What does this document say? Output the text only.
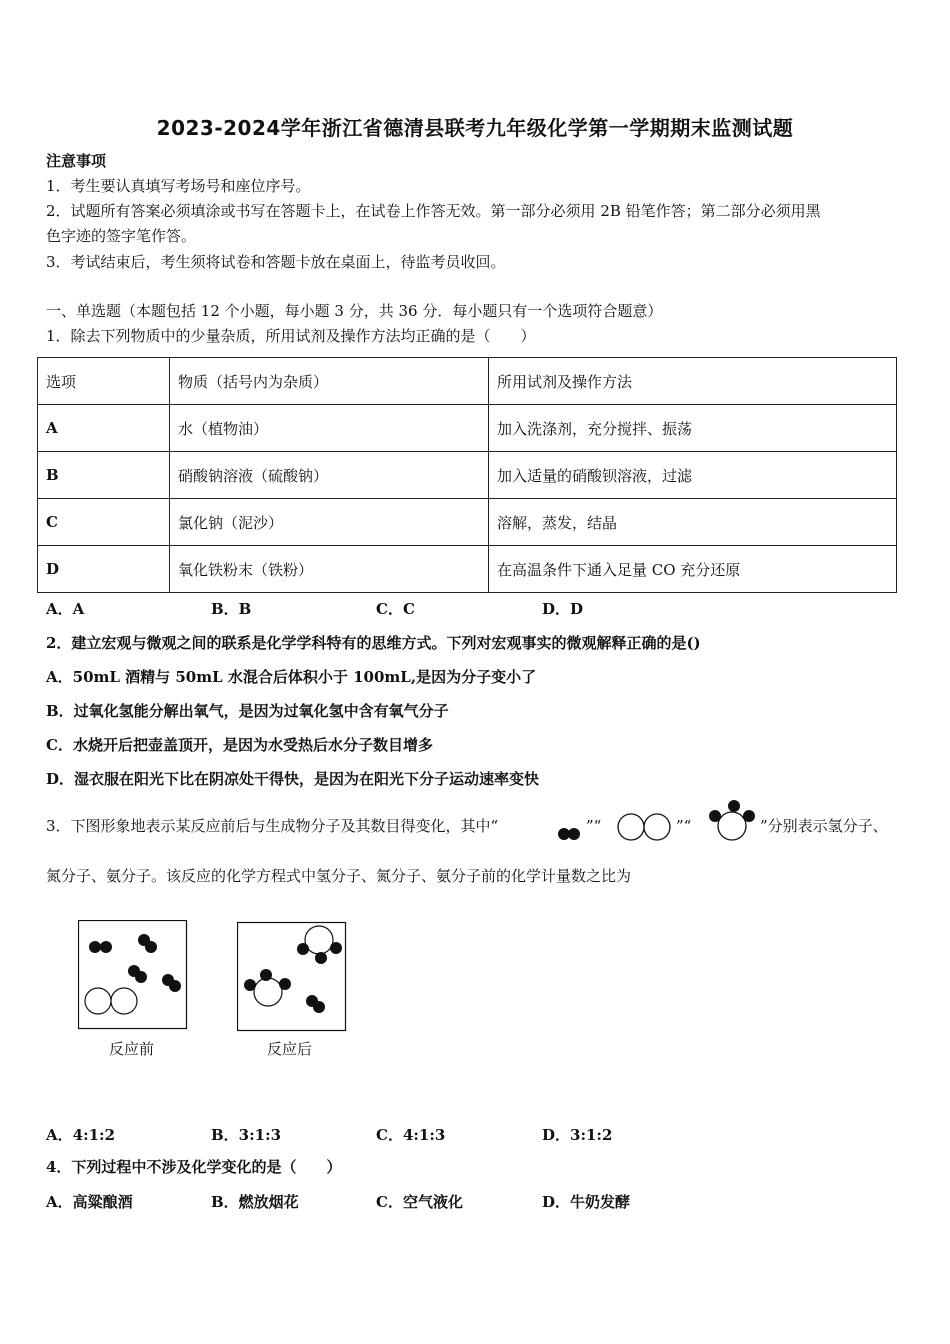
2023-2024学年浙江省德清县联考九年级化学第一学期期末监测试题
注意事项
1．考生要认真填写考场号和座位序号。
2．试题所有答案必须填涂或书写在答题卡上，在试卷上作答无效。第一部分必须用 2B 铅笔作答；第二部分必须用黑
色字迹的签字笔作答。
3．考试结束后，考生须将试卷和答题卡放在桌面上，待监考员收回。
一、单选题（本题包括 12 个小题，每小题 3 分，共 36 分．每小题只有一个选项符合题意）
1．除去下列物质中的少量杂质，所用试剂及操作方法均正确的是（　　）
选项	物质（括号内为杂质）	所用试剂及操作方法
A	水（植物油）	加入洗涤剂，充分搅拌、振荡
B	硝酸钠溶液（硫酸钠）	加入适量的硝酸钡溶液，过滤
C	氯化钠（泥沙）	溶解，蒸发，结晶
D	氧化铁粉末（铁粉）	在高温条件下通入足量 CO 充分还原
A．A	B．B	C．C	D．D
2．建立宏观与微观之间的联系是化学学科特有的思维方式。下列对宏观事实的微观解释正确的是()
A．50mL 酒精与 50mL 水混合后体积小于 100mL,是因为分子变小了
B．过氧化氢能分解出氧气，是因为过氧化氢中含有氧气分子
C．水烧开后把壶盖顶开，是因为水受热后水分子数目增多
D．湿衣服在阳光下比在阴凉处干得快，是因为在阳光下分子运动速率变快
3．下图形象地表示某反应前后与生成物分子及其数目得变化，其中“	”“	”“	”分别表示氢分子、
氮分子、氨分子。该反应的化学方程式中氢分子、氮分子、氨分子前的化学计量数之比为
反应前	反应后
A．4:1:2	B．3:1:3	C．4:1:3	D．3:1:2
4．下列过程中不涉及化学变化的是（　　）
A．高粱酿酒	B．燃放烟花	C．空气液化	D．牛奶发酵
